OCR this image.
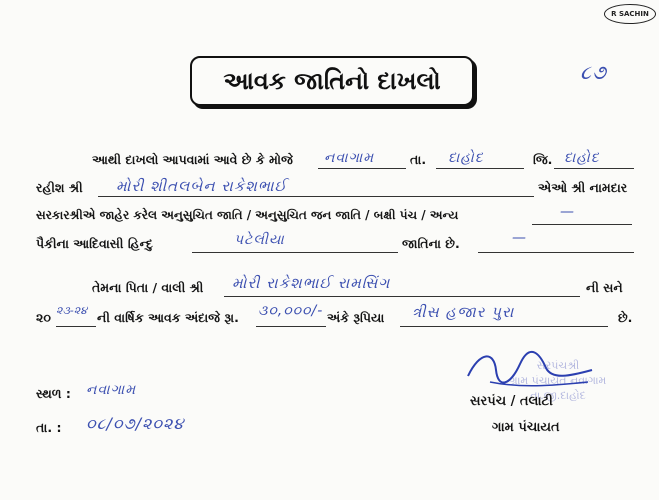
R SACHIN
આવક જાતિનો દાખલો	૮૭
આથી દાખલો આપવામાં આવે છે કે મોજે નવાગામ	તા. દાહોદ	જિ. દાહોદ
રહીશ શ્રી મોરી શીતલબેન રાકેશભાઈ	એઓ શ્રી નામદાર
સરકારશ્રીએ જાહેર કરેલ અનુસુચિત જાતિ / અનુસુચિત જન જાતિ / બક્ષી પંચ / અન્ય	—
પૈકીના આદિવાસી હિન્દુ	પટેલીયા	જાતિના છે.	—
તેમના પિતા / વાલી શ્રી મોરી રાકેશભાઈ રામસિંગ	ની સને
૨૦ ૨૩-૨૪ ની વાર્ષિક આવક અંદાજે રૂા. ૩૦,૦૦૦/- અંકે રૂપિયા ત્રીસ હજાર પુરા	છે.
સ્થળ : નવાગામ
તા. : ૦૮/૦૭/૨૦૨૪
સરપંચશ્રી
ગ્રામ પંચાયત નવાગામ
તા.જી.દાહોદ
સરપંચ / તલાટી
ગામ પંચાયત
